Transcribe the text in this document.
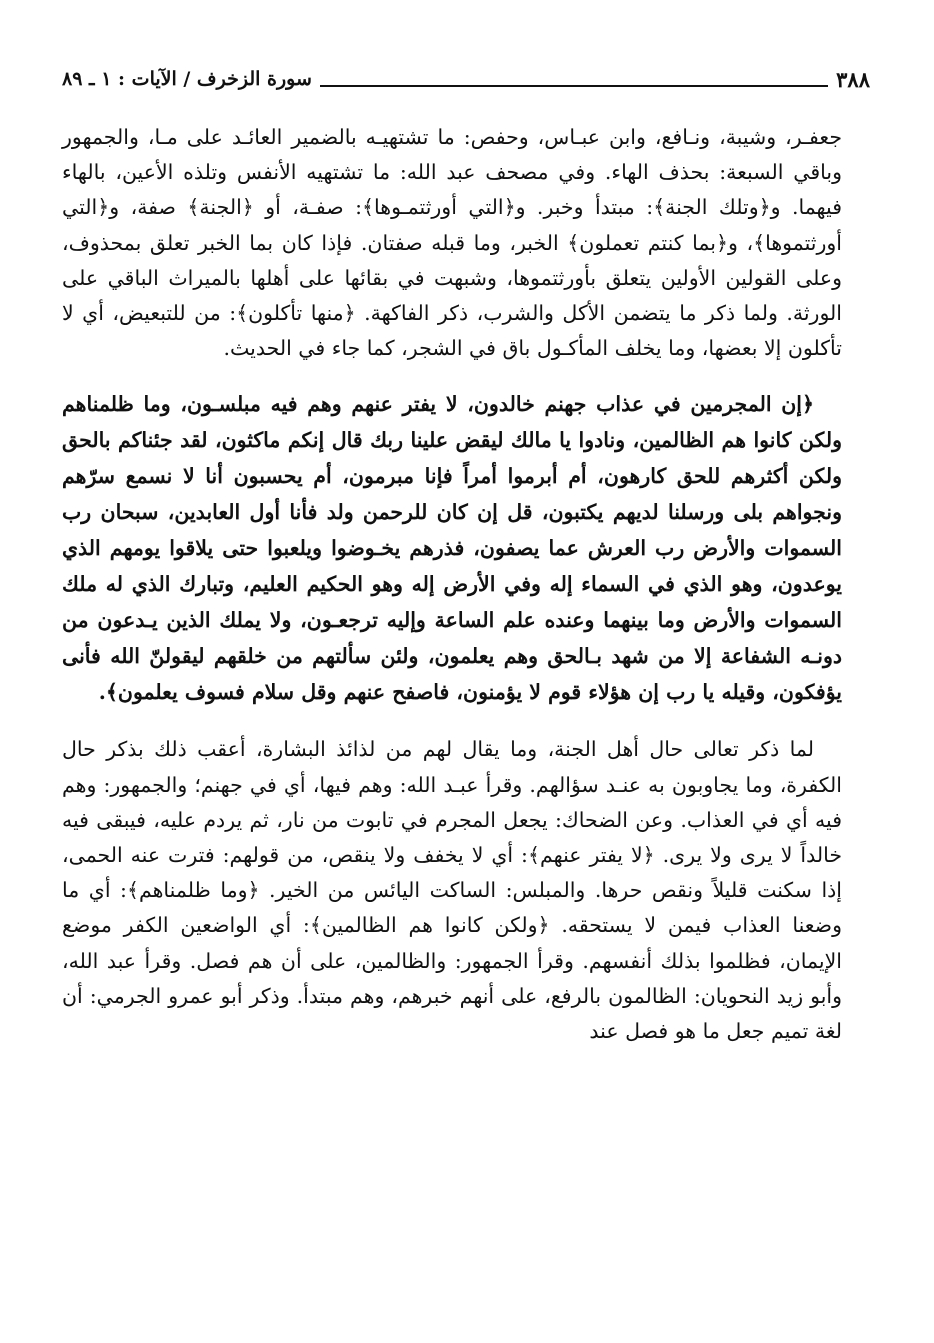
٣٨٨
سورة الزخرف / الآيات : ١ ـ ٨٩

جعفـر، وشيبة، ونـافع، وابن عبـاس، وحفص: ما تشتهيـه بالضمير العائـد على مـا، والجمهور وباقي السبعة: بحذف الهاء. وفي مصحف عبد الله: ما تشتهيه الأنفس وتلذه الأعين، بالهاء فيهما. و﴿وتلك الجنة﴾: مبتدأ وخبر. و﴿التي أورثتمـوها﴾: صفـة، أو ﴿الجنة﴾ صفة، و﴿التي أورثتموها﴾، و﴿بما كنتم تعملون﴾ الخبر، وما قبله صفتان. فإذا كان بما الخبر تعلق بمحذوف، وعلى القولين الأولين يتعلق بأورثتموها، وشبهت في بقائها على أهلها بالميراث الباقي على الورثة. ولما ذكر ما يتضمن الأكل والشرب، ذكر الفاكهة. ﴿منها تأكلون﴾: من للتبعيض، أي لا تأكلون إلا بعضها، وما يخلف المأكـول باق في الشجر، كما جاء في الحديث.

﴿إن المجرمين في عذاب جهنم خالدون، لا يفتر عنهم وهم فيه مبلسـون، وما ظلمناهم ولكن كانوا هم الظالمين، ونادوا يا مالك ليقض علينا ربك قال إنكم ماكثون، لقد جئناكم بالحق ولكن أكثرهم للحق كارهون، أم أبرموا أمراً فإنا مبرمون، أم يحسبون أنا لا نسمع سرّهم ونجواهم بلى ورسلنا لديهم يكتبون، قل إن كان للرحمن ولد فأنا أول العابدين، سبحان رب السموات والأرض رب العرش عما يصفون، فذرهم يخـوضوا ويلعبوا حتى يلاقوا يومهم الذي يوعدون، وهو الذي في السماء إله وفي الأرض إله وهو الحكيم العليم، وتبارك الذي له ملك السموات والأرض وما بينهما وعنده علم الساعة وإليه ترجعـون، ولا يملك الذين يـدعون من دونـه الشفاعة إلا من شهد بـالحق وهم يعلمون، ولئن سألتهم من خلقهم ليقولنّ الله فأنى يؤفكون، وقيله يا رب إن هؤلاء قوم لا يؤمنون، فاصفح عنهم وقل سلام فسوف يعلمون﴾.

لما ذكر تعالى حال أهل الجنة، وما يقال لهم من لذائذ البشارة، أعقب ذلك بذكر حال الكفرة، وما يجاوبون به عنـد سؤالهم. وقرأ عبـد الله: وهم فيها، أي في جهنم؛ والجمهور: وهم فيه أي في العذاب. وعن الضحاك: يجعل المجرم في تابوت من نار، ثم يردم عليه، فيبقى فيه خالداً لا يرى ولا يرى. ﴿لا يفتر عنهم﴾: أي لا يخفف ولا ينقص، من قولهم: فترت عنه الحمى، إذا سكنت قليلاً ونقص حرها. والمبلس: الساكت اليائس من الخير. ﴿وما ظلمناهم﴾: أي ما وضعنا العذاب فيمن لا يستحقه. ﴿ولكن كانوا هم الظالمين﴾: أي الواضعين الكفر موضع الإيمان، فظلموا بذلك أنفسهم. وقرأ الجمهور: والظالمين، على أن هم فصل. وقرأ عبد الله، وأبو زيد النحويان: الظالمون بالرفع، على أنهم خبرهم، وهم مبتدأ. وذكر أبو عمرو الجرمي: أن لغة تميم جعل ما هو فصل عند
